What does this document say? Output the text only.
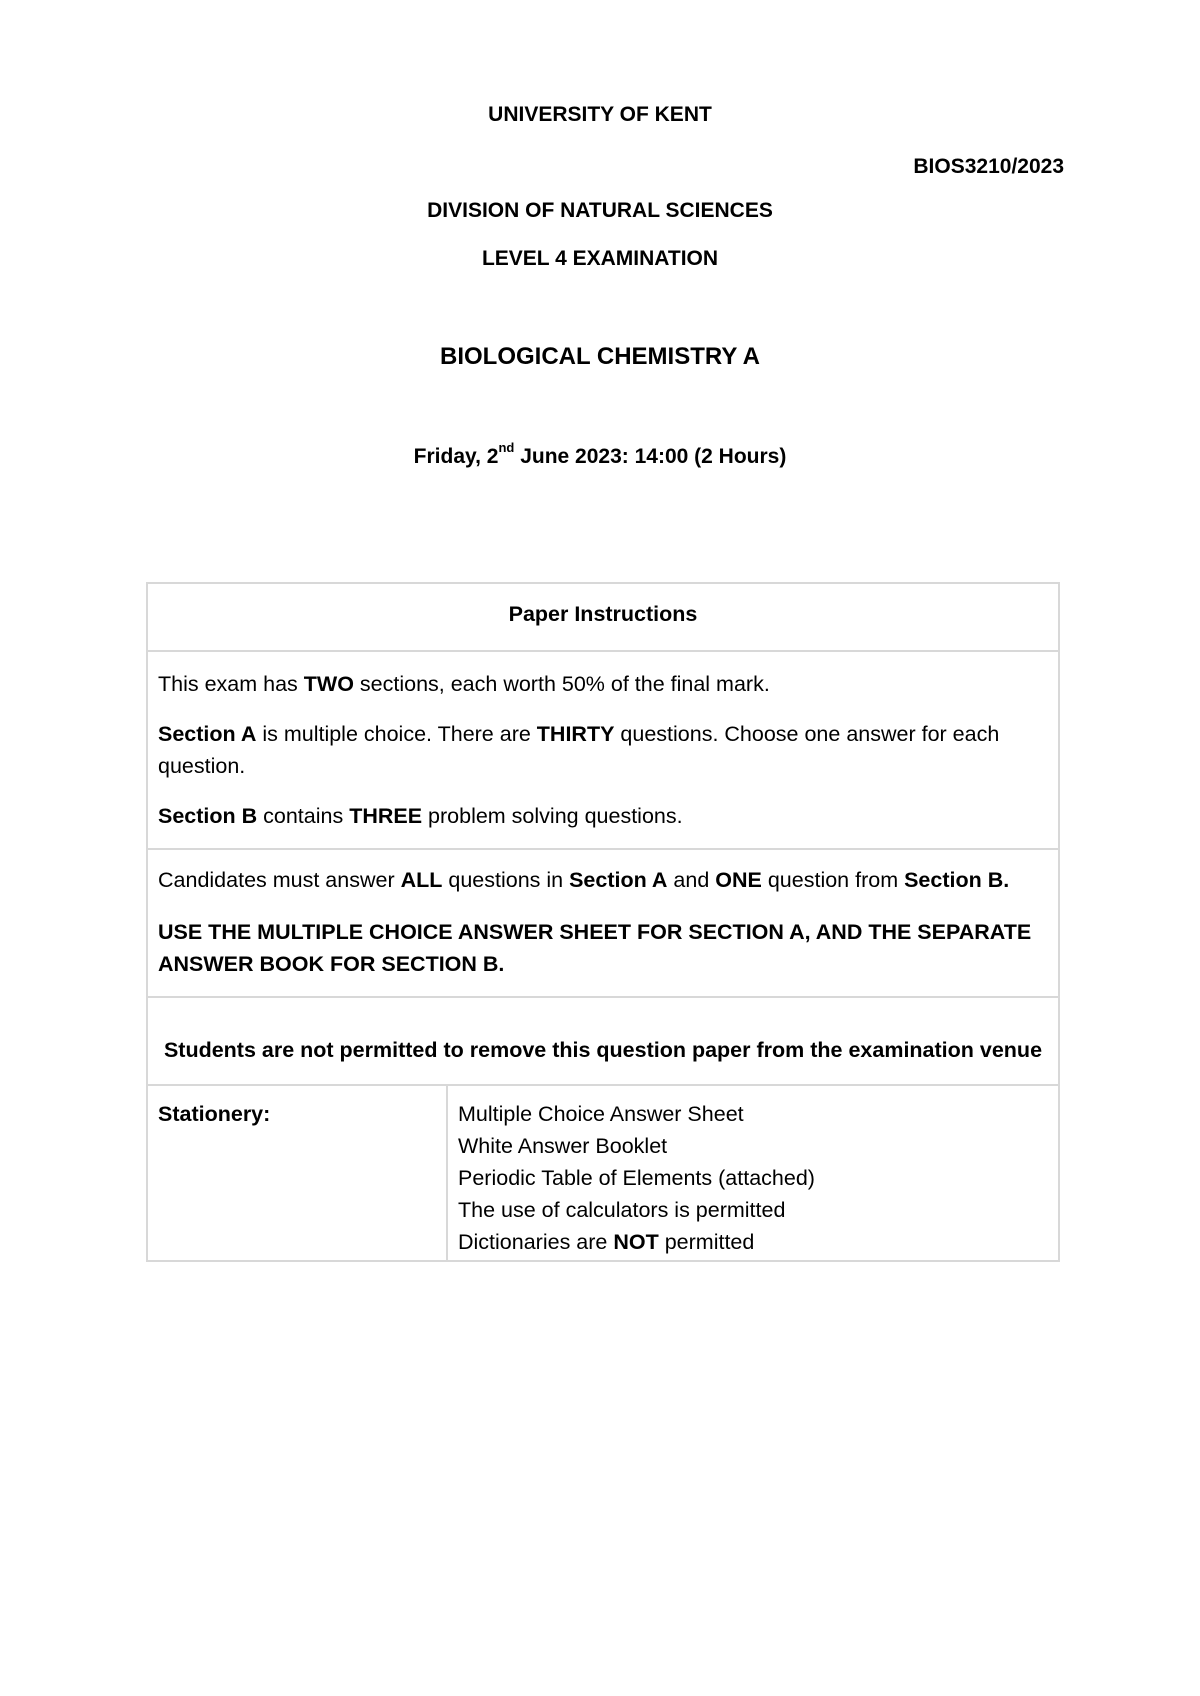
UNIVERSITY OF KENT
BIOS3210/2023
DIVISION OF NATURAL SCIENCES
LEVEL 4 EXAMINATION
BIOLOGICAL CHEMISTRY A
Friday, 2nd June 2023: 14:00 (2 Hours)
Paper Instructions

This exam has TWO sections, each worth 50% of the final mark.

Section A is multiple choice. There are THIRTY questions. Choose one answer for each question.

Section B contains THREE problem solving questions.

Candidates must answer ALL questions in Section A and ONE question from Section B.

USE THE MULTIPLE CHOICE ANSWER SHEET FOR SECTION A, AND THE SEPARATE ANSWER BOOK FOR SECTION B.

Students are not permitted to remove this question paper from the examination venue
Stationery:	Multiple Choice Answer Sheet
White Answer Booklet
Periodic Table of Elements (attached)
The use of calculators is permitted
Dictionaries are NOT permitted
